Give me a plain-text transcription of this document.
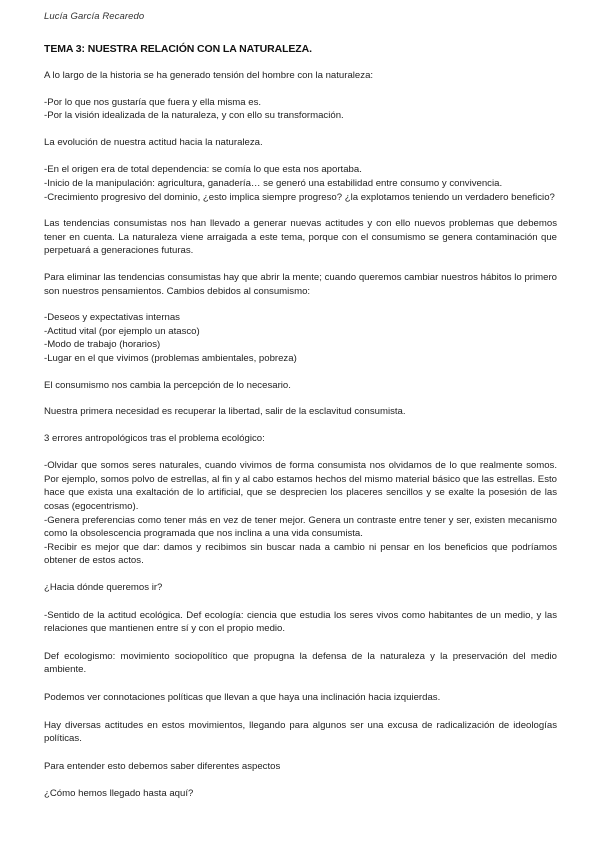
Lucía García Recaredo
TEMA 3: NUESTRA RELACIÓN CON LA NATURALEZA.

A lo largo de la historia se ha generado tensión del hombre con la naturaleza:

-Por lo que nos gustaría que fuera y ella misma es.

-Por la visión idealizada de la naturaleza, y con ello su transformación.

La evolución de nuestra actitud hacia la naturaleza.

-En el origen era de total dependencia: se comía lo que esta nos aportaba.

-Inicio de la manipulación: agricultura, ganadería… se generó una estabilidad entre consumo y convivencia.

-Crecimiento progresivo del dominio, ¿esto implica siempre progreso? ¿la explotamos teniendo un verdadero beneficio?

Las tendencias consumistas nos han llevado a generar nuevas actitudes y con ello nuevos problemas que debemos tener en cuenta. La naturaleza viene arraigada a este tema, porque con el consumismo se genera contaminación que perpetuará a generaciones futuras.

Para eliminar las tendencias consumistas hay que abrir la mente; cuando queremos cambiar nuestros hábitos lo primero son nuestros pensamientos. Cambios debidos al consumismo:

-Deseos y expectativas internas

-Actitud vital (por ejemplo un atasco)

-Modo de trabajo (horarios)

-Lugar en el que vivimos (problemas ambientales, pobreza)

El consumismo nos cambia la percepción de lo necesario.

Nuestra primera necesidad es recuperar la libertad, salir de la esclavitud consumista.

3 errores antropológicos tras el problema ecológico:

-Olvidar que somos seres naturales, cuando vivimos de forma consumista nos olvidamos de lo que realmente somos. Por ejemplo, somos polvo de estrellas, al fin y al cabo estamos hechos del mismo material básico que las estrellas. Esto hace que exista una exaltación de lo artificial, que se desprecien los placeres sencillos y se exalte la posesión de las cosas (egocentrismo).

-Genera preferencias como tener más en vez de tener mejor. Genera un contraste entre tener y ser, existen mecanismo como la obsolescencia programada que nos inclina a una vida consumista.

-Recibir es mejor que dar: damos y recibimos sin buscar nada a cambio ni pensar en los beneficios que podríamos obtener de estos actos.

¿Hacia dónde queremos ir?

-Sentido de la actitud ecológica. Def ecología: ciencia que estudia los seres vivos como habitantes de un medio, y las relaciones que mantienen entre sí y con el propio medio.

Def ecologismo: movimiento sociopolítico que propugna la defensa de la naturaleza y la preservación del medio ambiente.

Podemos ver connotaciones políticas que llevan a que haya una inclinación hacia izquierdas.

Hay diversas actitudes en estos movimientos, llegando para algunos ser una excusa de radicalización de ideologías políticas.

Para entender esto debemos saber diferentes aspectos

¿Cómo hemos llegado hasta aquí?
